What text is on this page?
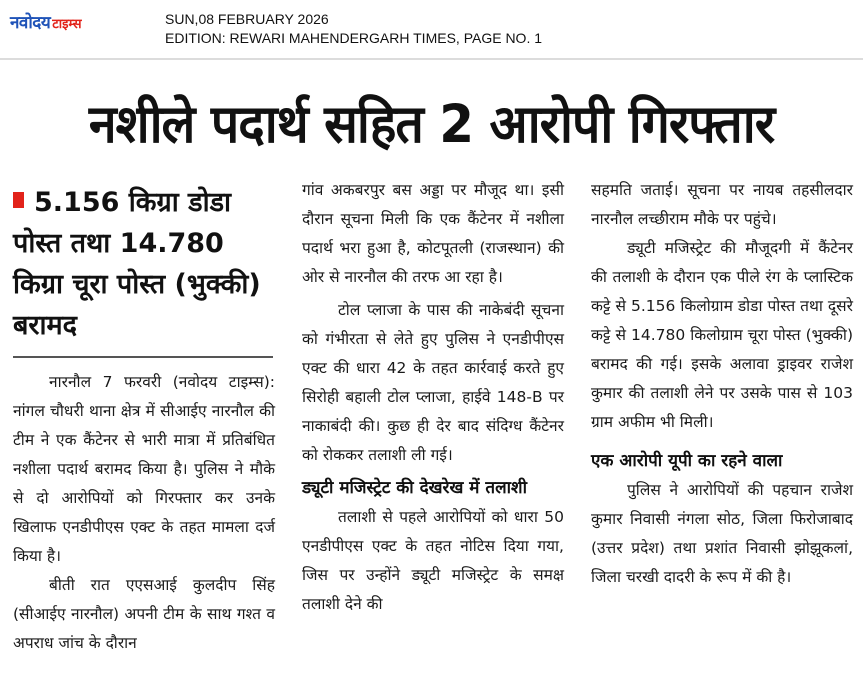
नवोदय टाइम्स	SUN,08 FEBRUARY 2026
EDITION: REWARI MAHENDERGARH TIMES, PAGE NO. 1
नशीले पदार्थ सहित 2 आरोपी गिरफ्तार
5.156 किग्रा डोडा पोस्त तथा 14.780 किग्रा चूरा पोस्त (भुक्की) बरामद

नारनौल 7 फरवरी (नवोदय टाइम्स): नांगल चौधरी थाना क्षेत्र में सीआईए नारनौल की टीम ने एक कैंटेनर से भारी मात्रा में प्रतिबंधित नशीला पदार्थ बरामद किया है। पुलिस ने मौके से दो आरोपियों को गिरफ्तार कर उनके खिलाफ एनडीपीएस एक्ट के तहत मामला दर्ज किया है।

बीती रात एएसआई कुलदीप सिंह (सीआईए नारनौल) अपनी टीम के साथ गश्त व अपराध जांच के दौरान

गांव अकबरपुर बस अड्डा पर मौजूद था। इसी दौरान सूचना मिली कि एक कैंटेनर में नशीला पदार्थ भरा हुआ है, कोटपूतली (राजस्थान) की ओर से नारनौल की तरफ आ रहा है।

टोल प्लाजा के पास की नाकेबंदी सूचना को गंभीरता से लेते हुए पुलिस ने एनडीपीएस एक्ट की धारा 42 के तहत कार्रवाई करते हुए सिरोही बहाली टोल प्लाजा, हाईवे 148-B पर नाकाबंदी की। कुछ ही देर बाद संदिग्ध कैंटेनर को रोककर तलाशी ली गई।

ड्यूटी मजिस्ट्रेट की देखरेख में तलाशी

तलाशी से पहले आरोपियों को धारा 50 एनडीपीएस एक्ट के तहत नोटिस दिया गया, जिस पर उन्होंने ड्यूटी मजिस्ट्रेट के समक्ष तलाशी देने की

सहमति जताई। सूचना पर नायब तहसीलदार नारनौल लच्छीराम मौके पर पहुंचे।

ड्यूटी मजिस्ट्रेट की मौजूदगी में कैंटेनर की तलाशी के दौरान एक पीले रंग के प्लास्टिक कट्टे से 5.156 किलोग्राम डोडा पोस्त तथा दूसरे कट्टे से 14.780 किलोग्राम चूरा पोस्त (भुक्की) बरामद की गई। इसके अलावा ड्राइवर राजेश कुमार की तलाशी लेने पर उसके पास से 103 ग्राम अफीम भी मिली।

एक आरोपी यूपी का रहने वाला

पुलिस ने आरोपियों की पहचान राजेश कुमार निवासी नंगला सोठ, जिला फिरोजाबाद (उत्तर प्रदेश) तथा प्रशांत निवासी झोझूकलां, जिला चरखी दादरी के रूप में की है।
